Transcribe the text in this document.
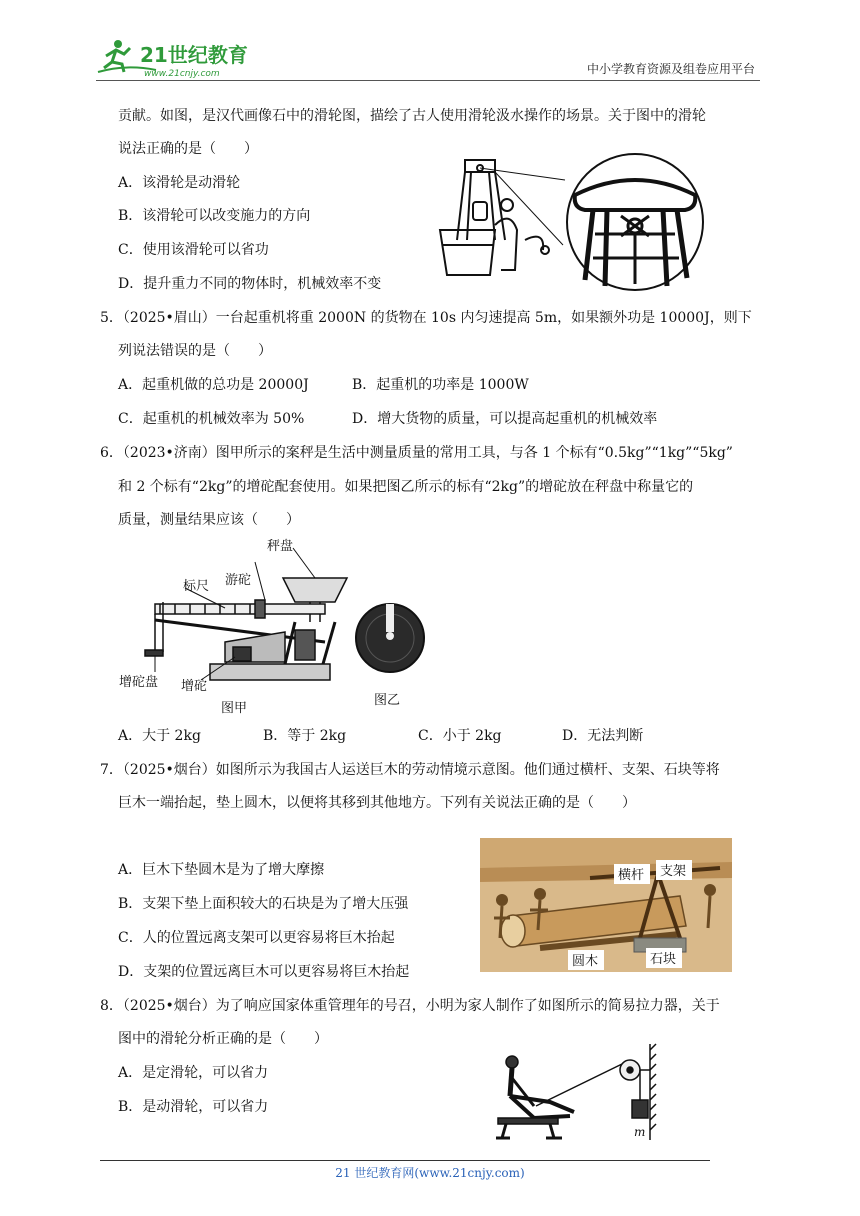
21世纪教育
www.21cnjy.com	中小学教育资源及组卷应用平台
贡献。如图，是汉代画像石中的滑轮图，描绘了古人使用滑轮汲水操作的场景。关于图中的滑轮
说法正确的是（　　）
A．该滑轮是动滑轮
B．该滑轮可以改变施力的方向
C．使用该滑轮可以省功
D．提升重力不同的物体时，机械效率不变
5．（2025•眉山）一台起重机将重 2000N 的货物在 10s 内匀速提高 5m，如果额外功是 10000J，则下
列说法错误的是（　　）
A．起重机做的总功是 20000J	B．起重机的功率是 1000W
C．起重机的机械效率为 50%	D．增大货物的质量，可以提高起重机的机械效率
6．（2023•济南）图甲所示的案秤是生活中测量质量的常用工具，与各 1 个标有“0.5kg”“1kg”“5kg”
和 2 个标有“2kg”的增砣配套使用。如果把图乙所示的标有“2kg”的增砣放在秤盘中称量它的
质量，测量结果应该（　　）
秤盘
标尺 游砣
增砣盘 增砣
图甲
图乙
A．大于 2kg	B．等于 2kg	C．小于 2kg	D．无法判断
7．（2025•烟台）如图所示为我国古人运送巨木的劳动情境示意图。他们通过横杆、支架、石块等将
巨木一端抬起，垫上圆木，以便将其移到其他地方。下列有关说法正确的是（　　）
A．巨木下垫圆木是为了增大摩擦
B．支架下垫上面积较大的石块是为了增大压强
C．人的位置远离支架可以更容易将巨木抬起
D．支架的位置远离巨木可以更容易将巨木抬起
横杆 支架
圆木	石块
8．（2025•烟台）为了响应国家体重管理年的号召，小明为家人制作了如图所示的简易拉力器，关于
图中的滑轮分析正确的是（　　）
A．是定滑轮，可以省力
B．是动滑轮，可以省力
m
21 世纪教育网(www.21cnjy.com)
